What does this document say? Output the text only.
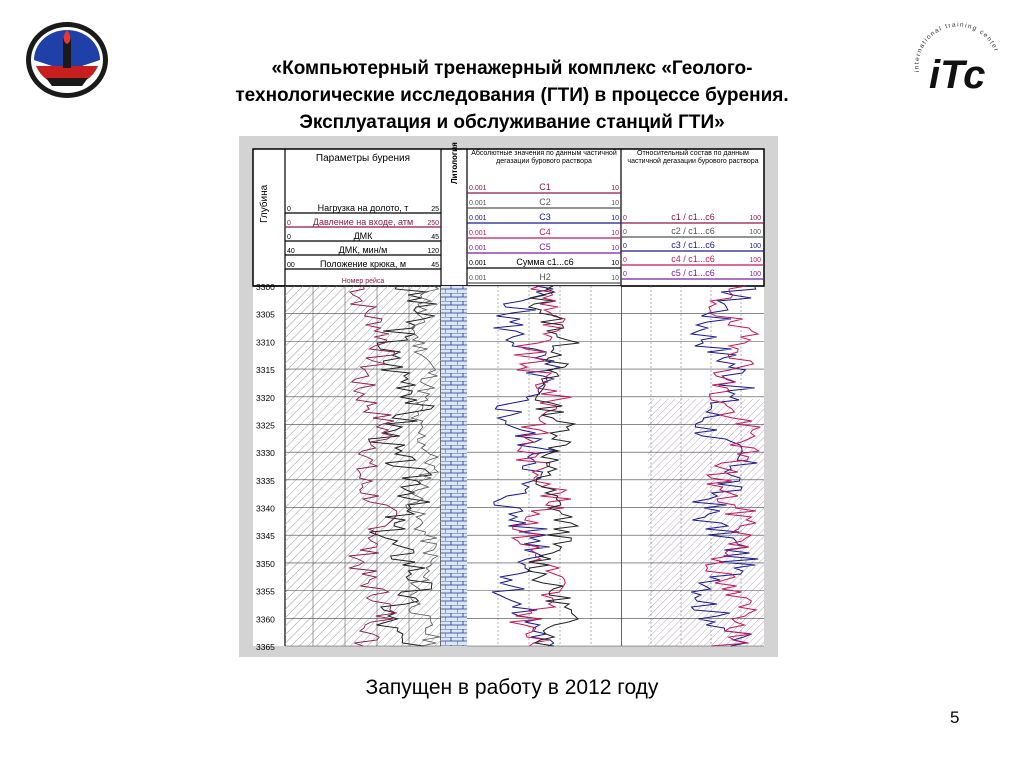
«Компьютерный тренажерный комплекс «Геолого-
технологические исследования (ГТИ) в процессе бурения.
Эксплуатация и обслуживание станций ГТИ»
international training center
iTc
Глубина
Литология
Параметры бурения
Номер рейса
Нагрузка на долото, т
0	25
Давление на входе, атм
0	250
ДМК
0	45
ДМК, мин/м
40	120
Положение крюка, м
00	45
Абсолютные значения по данным частичной дегазации бурового раствора
C1
0.001	10
C2
0.001	10
C3
0.001	10
C4
0.001	10
C5
0.001	10
Сумма с1...с6
0.001	10
Н2
0.001	10
Относительный состав по данным частичной дегазации бурового раствора
с1 / с1...с6
0	100
с2 / с1...с6
0	100
с3 / с1...с6
0	100
с4 / с1...с6
0	100
с5 / с1...с6
0	100
3300
3305
3310
3315
3320
3325
3330
3335
3340
3345
3350
3355
3360
3365
Запущен в работу в 2012 году
5
